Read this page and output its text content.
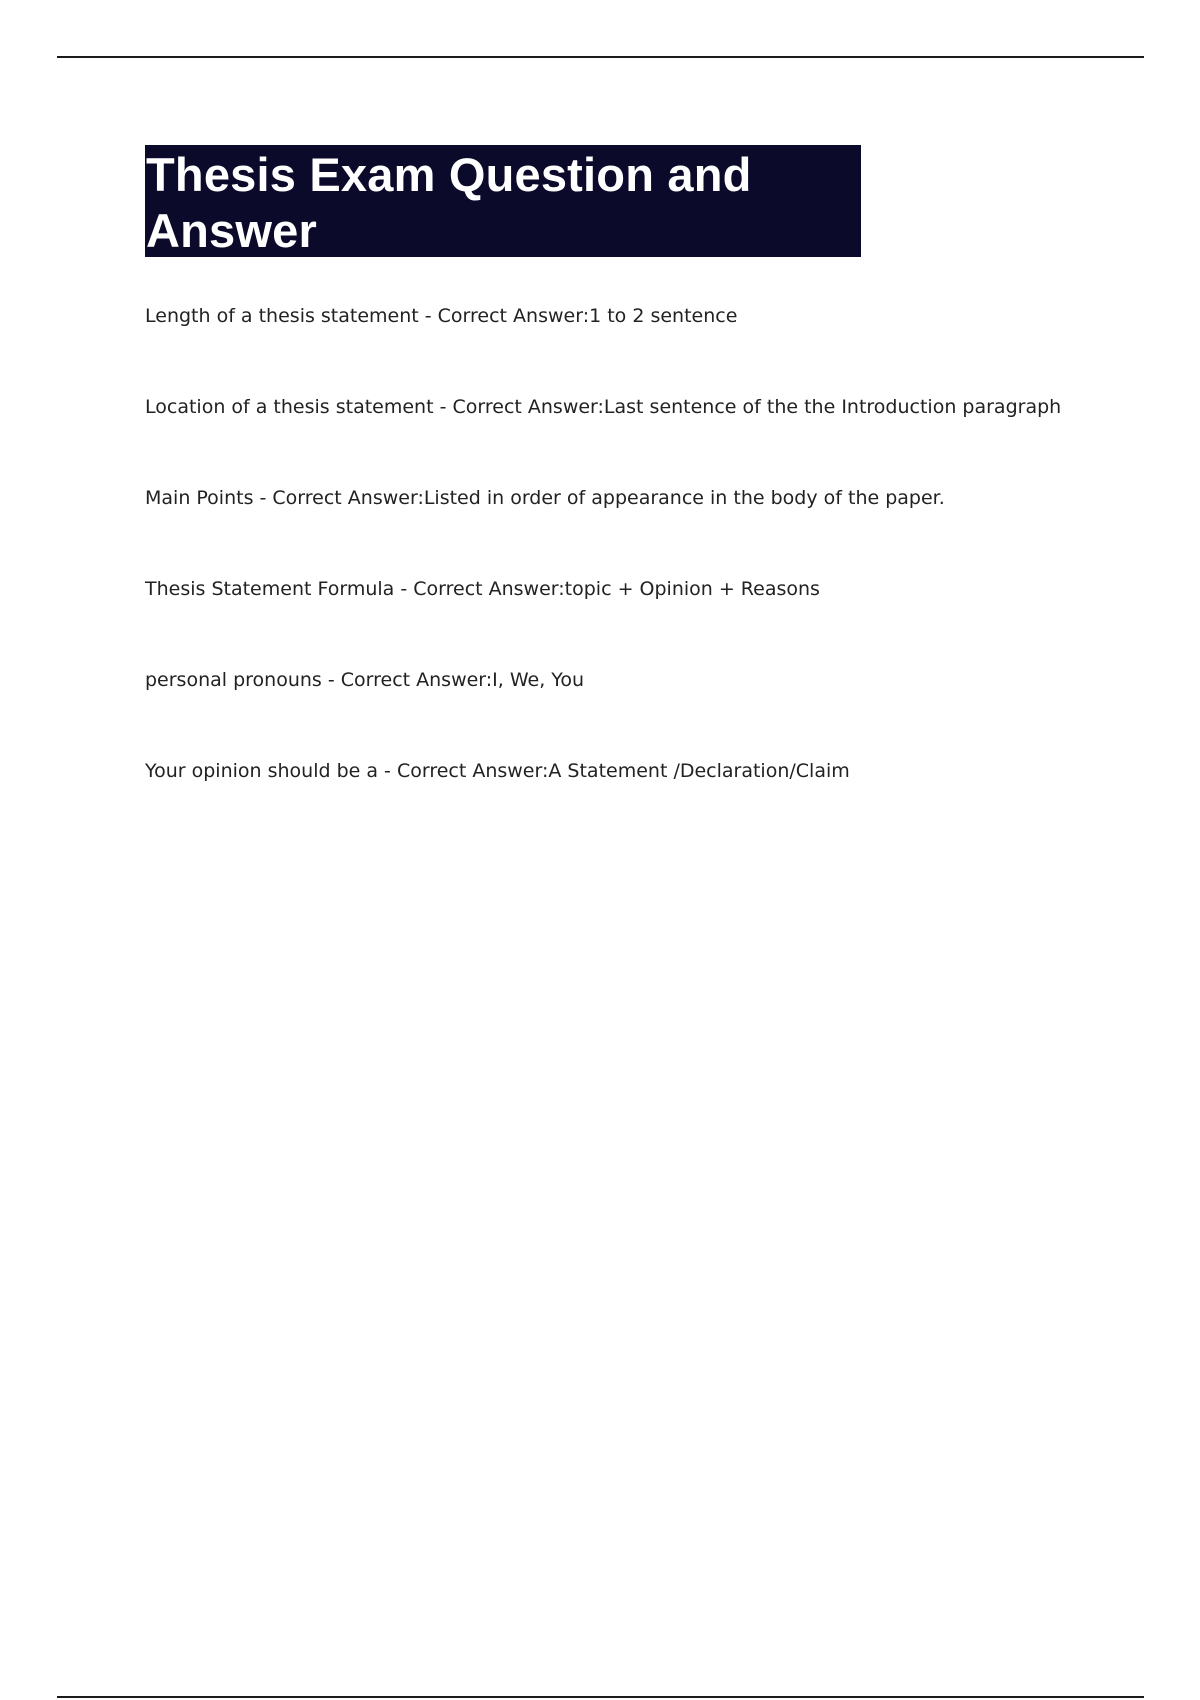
Thesis Exam Question and Answer
Length of a thesis statement - Correct Answer:1 to 2 sentence
Location of a thesis statement - Correct Answer:Last sentence of the the Introduction paragraph
Main Points - Correct Answer:Listed in order of appearance in the body of the paper.
Thesis Statement Formula - Correct Answer:topic + Opinion + Reasons
personal pronouns - Correct Answer:I, We, You
Your opinion should be a - Correct Answer:A Statement /Declaration/Claim
